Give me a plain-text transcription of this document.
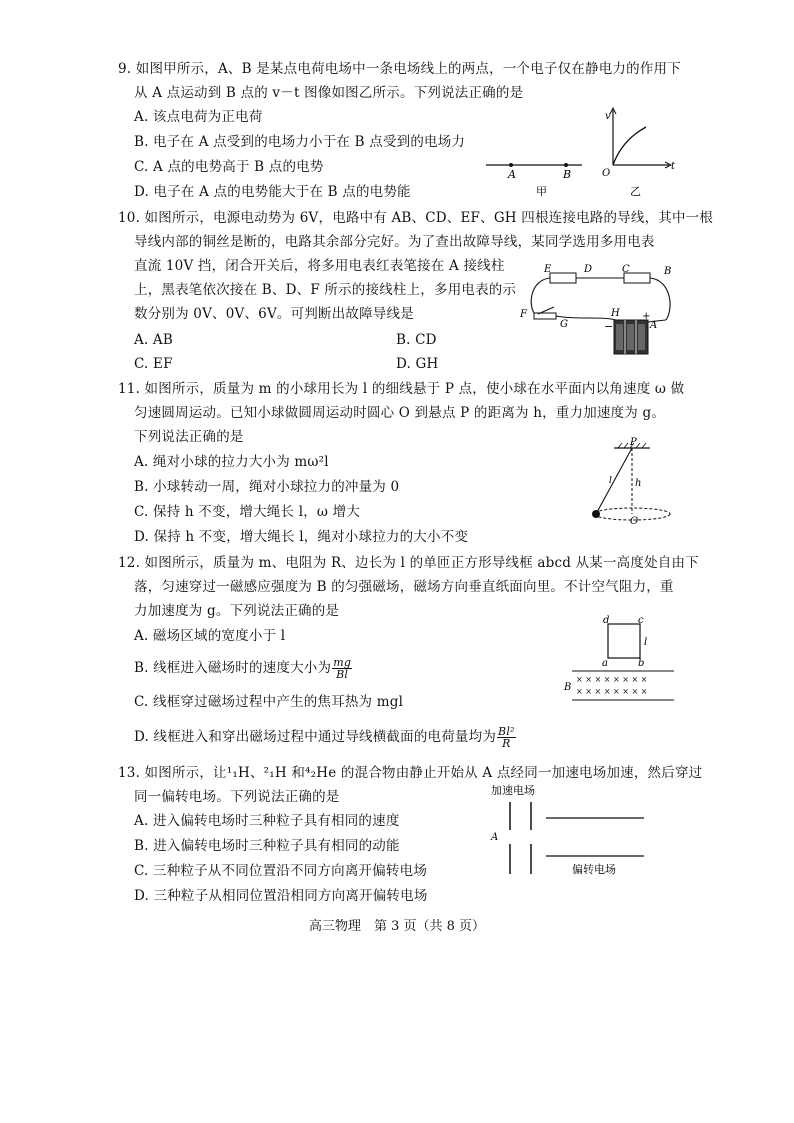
9. 如图甲所示，A、B 是某点电荷电场中一条电场线上的两点，一个电子仅在静电力的作用下
从 A 点运动到 B 点的 v－t 图像如图乙所示。下列说法正确的是
A. 该点电荷为正电荷
B. 电子在 A 点受到的电场力小于在 B 点受到的电场力
C. A 点的电势高于 B 点的电势
D. 电子在 A 点的电势能大于在 B 点的电势能
A	B
甲
v
t
O
乙
10. 如图所示，电源电动势为 6V，电路中有 AB、CD、EF、GH 四根连接电路的导线，其中一根
导线内部的铜丝是断的，电路其余部分完好。为了查出故障导线，某同学选用多用电表
直流 10V 挡，闭合开关后，将多用电表红表笔接在 A 接线柱
上，黑表笔依次接在 B、D、F 所示的接线柱上，多用电表的示
数分别为 0V、0V、6V。可判断出故障导线是
A. AB	B. CD
C. EF	D. GH
E	D	C	B
F
G
H
A
−
+
11. 如图所示，质量为 m 的小球用长为 l 的细线悬于 P 点，使小球在水平面内以角速度 ω 做
匀速圆周运动。已知小球做圆周运动时圆心 O 到悬点 P 的距离为 h，重力加速度为 g。
下列说法正确的是
A. 绳对小球的拉力大小为 mω²l
B. 小球转动一周，绳对小球拉力的冲量为 0
C. 保持 h 不变，增大绳长 l，ω 增大
D. 保持 h 不变，增大绳长 l，绳对小球拉力的大小不变
P
l h
O
12. 如图所示，质量为 m、电阻为 R、边长为 l 的单匝正方形导线框 abcd 从某一高度处自由下
落，匀速穿过一磁感应强度为 B 的匀强磁场，磁场方向垂直纸面向里。不计空气阻力，重
力加速度为 g。下列说法正确的是
A. 磁场区域的宽度小于 l
B. 线框进入磁场时的速度大小为 $\frac{mg}{Bl}$
C. 线框穿过磁场过程中产生的焦耳热为 mgl
D. 线框进入和穿出磁场过程中通过导线横截面的电荷量均为 $\frac{\text{Bl²}}{R}$
d	c
a	b
l
× × × × × × × ×
× × × × × × × ×
B
13. 如图所示，让¹₁H、²₁H 和⁴₂He 的混合物由静止开始从 A 点经同一加速电场加速，然后穿过
同一偏转电场。下列说法正确的是
A. 进入偏转电场时三种粒子具有相同的速度
B. 进入偏转电场时三种粒子具有相同的动能
C. 三种粒子从不同位置沿不同方向离开偏转电场
D. 三种粒子从相同位置沿相同方向离开偏转电场
加速电场
A
偏转电场
高三物理　第 3 页（共 8 页）
